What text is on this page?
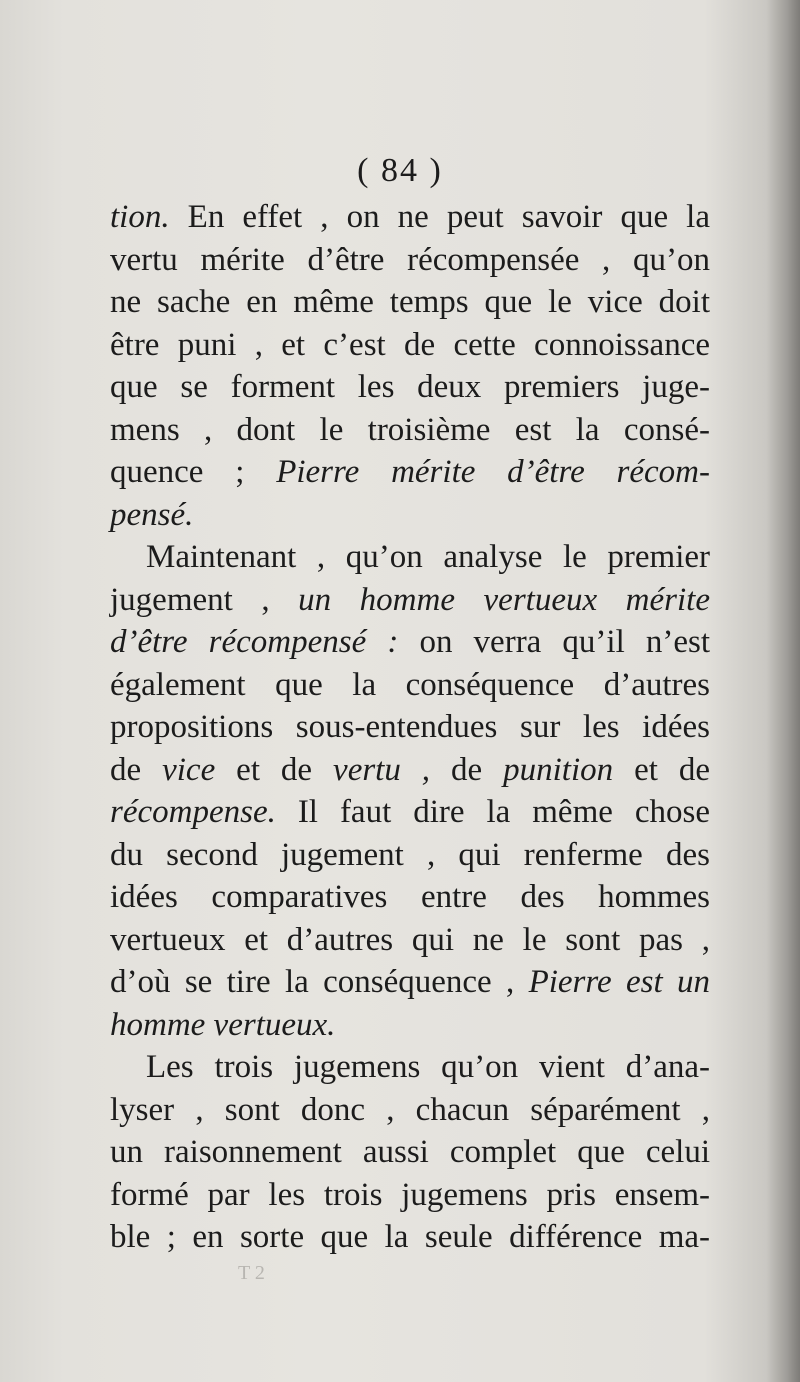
( 84 )
tion. En effet , on ne peut savoir que la
vertu mérite d’être récompensée , qu’on
ne sache en même temps que le vice doit
être puni , et c’est de cette connoissance
que se forment les deux premiers juge-
mens , dont le troisième est la consé-
quence ; Pierre mérite d’être récom-
pensé.
Maintenant , qu’on analyse le premier
jugement , un homme vertueux mérite
d’être récompensé : on verra qu’il n’est
également que la conséquence d’autres
propositions sous-entendues sur les idées
de vice et de vertu , de punition et de
récompense. Il faut dire la même chose
du second jugement , qui renferme des
idées comparatives entre des hommes
vertueux et d’autres qui ne le sont pas ,
d’où se tire la conséquence , Pierre est un
homme vertueux.
Les trois jugemens qu’on vient d’ana-
lyser , sont donc , chacun séparément ,
un raisonnement aussi complet que celui
formé par les trois jugemens pris ensem-
ble ; en sorte que la seule différence ma-
T 2
